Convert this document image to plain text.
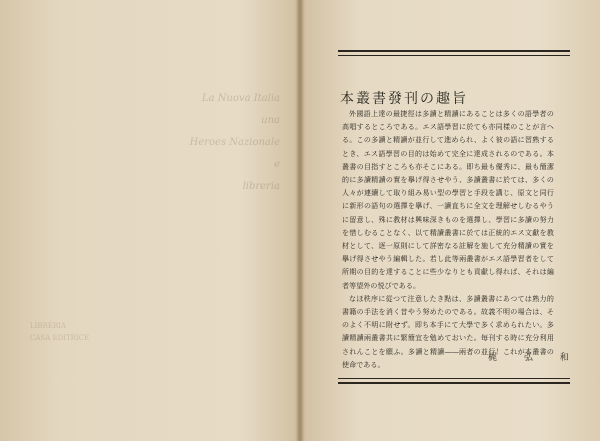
La Nuova Italia
una
Heroes Nazionale
e
libreria
LIBRERIA
CASA EDITRICE
本叢書發刊の趣旨

外國語上達の最捷徑は多讀と精讀にあることは多くの語學者の高唱するところである。エス語學習に於ても亦同樣のことが言へる。この多讀と精讀が並行して進められ、よく彼の語に習熟するとき、エス語學習の目的は始めて完全に達成されるのである。本叢書の目指すところも亦そこにある。即ち最も優秀に、最も簡潔的に多讀精讀の實を擧げ得させやう、多讀叢書に於ては、多くの人々が連續して取り組み易い型の學習と手段を講じ、原文と同行に新形の語句の選擇を擧げ、一讀直ちに全文を理解せしむるやうに留意し、殊に教材は興味深きものを選擇し、學習に多讀の努力を惜しむることなく、以て精讀叢書に於ては正統的エス文獻を教材として、逐一原則にして詳密なる註解を施して充分精讀の實を擧げ得させやう編輯した。若し此等兩叢書がエス語學習者をして所期の目的を達することに些少なりとも貢獻し得れば、それは編者等望外の悦びである。

なほ秩序に從つて注意したき點は、多讀叢書にあつては熟力的書籍の手法を消く昔やう努めたのである。故義不明の場合は、そのよく不明に附せず。即ち本手にて大學で多く求められたい。多讀精讀兩叢書共に繁簡宜を勉めておいた。毎刊する時に充分利用されんことを願ふ。多讀と精讀――兩者の並行！これが本叢書の使命である。

梶 弘 和
